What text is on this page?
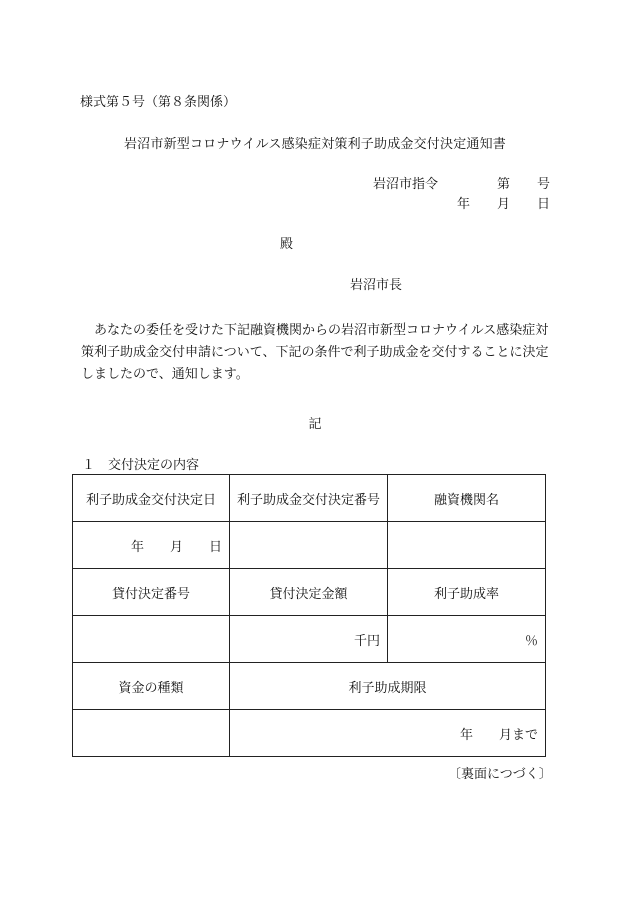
様式第５号（第８条関係）
岩沼市新型コロナウイルス感染症対策利子助成金交付決定通知書
岩沼市指令	第 号
年 月 日
殿
岩沼市長
あなたの委任を受けた下記融資機関からの岩沼市新型コロナウイルス感染症対策利子助成金交付申請について、下記の条件で利子助成金を交付することに決定しましたので、通知します。
記
１　交付決定の内容
利子助成金交付決定日	利子助成金交付決定番号	融資機関名
年 月 日		
貸付決定番号	貸付決定金額	利子助成率
	千円	％
資金の種類	利子助成期限	
	年 月まで	
〔裏面につづく〕
